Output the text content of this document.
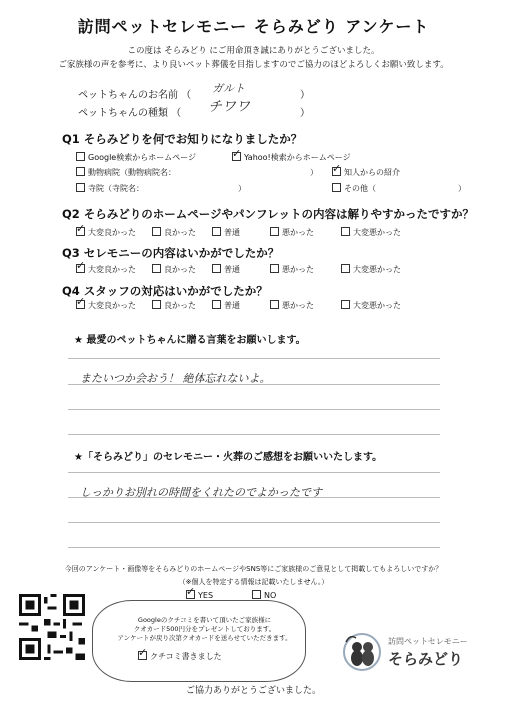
訪問ペットセレモニー そらみどり アンケート
この度は そらみどり にご用命頂き誠にありがとうございました。
ご家族様の声を参考に、より良いペット葬儀を目指しますのでご協力のほどよろしくお願い致します。
ペットちゃんのお名前 （
ガルト
）
ペットちゃんの種類 （ チワワ	）
Q1 そらみどりを何でお知りになりましたか？
Google検索からホームページ ✓	Yahoo!検索からホームページ
動物病院（動物病院名：	） ✓	知人からの紹介
寺院（寺院名：	）	その他（	）
Q2 そらみどりのホームページやパンフレットの内容は解りやすかったですか？
Q3 セレモニーの内容はいかがでしたか？
Q4 スタッフの対応はいかがでしたか？
✓大変良かった	良かった	普通	悪かった	大変悪かった
✓大変良かった	良かった	普通	悪かった	大変悪かった
✓大変良かった	良かった	普通	悪かった	大変悪かった
★ 最愛のペットちゃんに贈る言葉をお願いします。
またいつか会おう！ 絶体忘れないよ。
★「そらみどり」のセレモニー・火葬のご感想をお願いいたします。
しっかりお別れの時間をくれたのでよかったです
今回のアンケート・画像等をそらみどりのホームページやSNS等にご家族様のご意見として掲載してもよろしいですか？
（※個人を特定する情報は記載いたしません。）
✓YES	NO
Googleのクチコミを書いて頂いたご家族様に
クオカード500円分をプレゼントしております。
アンケートが戻り次第クオカードを送らせていただきます。
✓クチコミ書きました
訪問ペットセレモニー
そらみどり
ご協力ありがとうございました。
